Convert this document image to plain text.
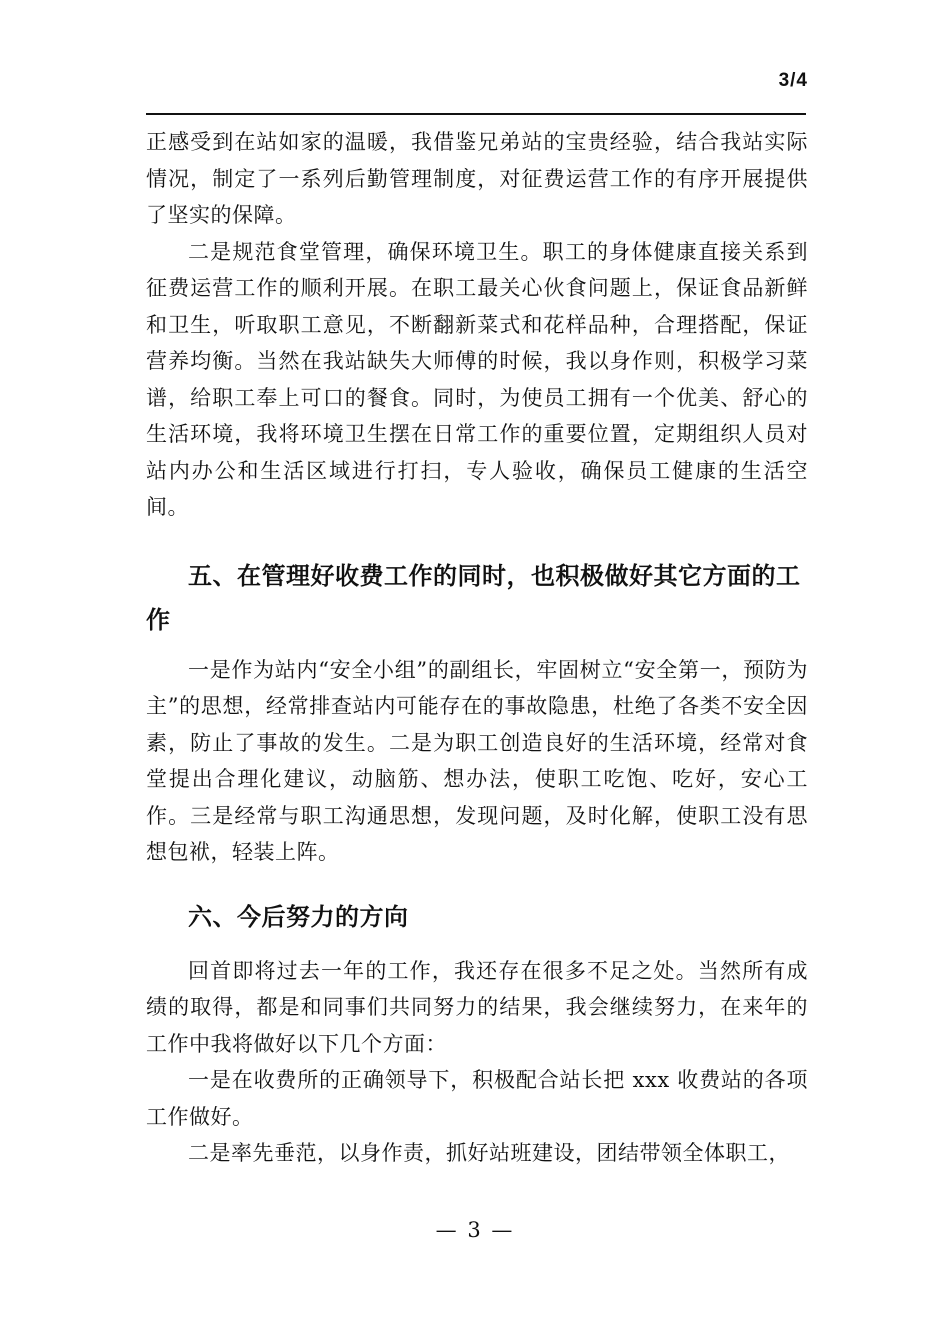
3/4

正感受到在站如家的温暖，我借鉴兄弟站的宝贵经验，结合我站实际情况，制定了一系列后勤管理制度，对征费运营工作的有序开展提供了坚实的保障。

二是规范食堂管理，确保环境卫生。职工的身体健康直接关系到征费运营工作的顺利开展。在职工最关心伙食问题上，保证食品新鲜和卫生，听取职工意见，不断翻新菜式和花样品种，合理搭配，保证营养均衡。当然在我站缺失大师傅的时候，我以身作则，积极学习菜谱，给职工奉上可口的餐食。同时，为使员工拥有一个优美、舒心的生活环境，我将环境卫生摆在日常工作的重要位置，定期组织人员对站内办公和生活区域进行打扫，专人验收，确保员工健康的生活空间。

五、在管理好收费工作的同时，也积极做好其它方面的工作

一是作为站内“安全小组”的副组长，牢固树立“安全第一，预防为主”的思想，经常排查站内可能存在的事故隐患，杜绝了各类不安全因素，防止了事故的发生。二是为职工创造良好的生活环境，经常对食堂提出合理化建议，动脑筋、想办法，使职工吃饱、吃好，安心工作。三是经常与职工沟通思想，发现问题，及时化解，使职工没有思想包袱，轻装上阵。

六、今后努力的方向

回首即将过去一年的工作，我还存在很多不足之处。当然所有成绩的取得，都是和同事们共同努力的结果，我会继续努力，在来年的工作中我将做好以下几个方面：

一是在收费所的正确领导下，积极配合站长把 xxx 收费站的各项工作做好。

二是率先垂范，以身作责，抓好站班建设，团结带领全体职工，

— 3 —
